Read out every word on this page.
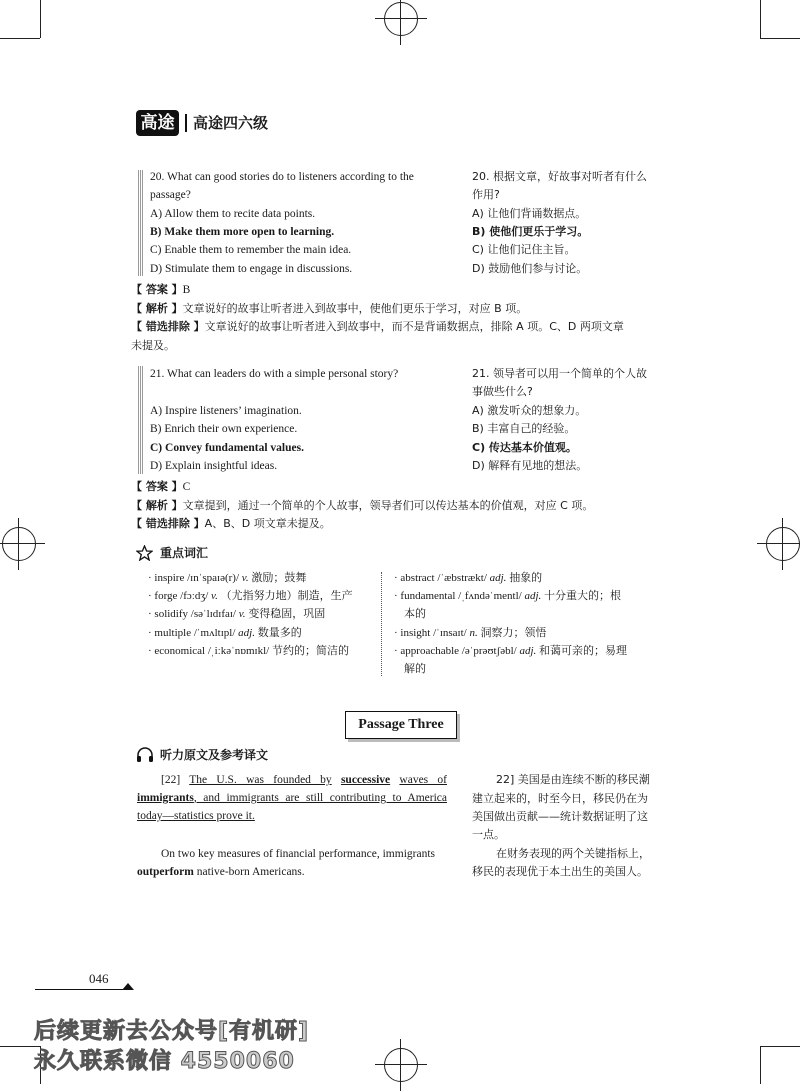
高途	高途四六级
20. What can good stories do to listeners according to the
passage?
A) Allow them to recite data points.
B) Make them more open to learning.
C) Enable them to remember the main idea.
D) Stimulate them to engage in discussions.
20. 根据文章，好故事对听者有什么
作用?
A) 让他们背诵数据点。
B) 使他们更乐于学习。
C) 让他们记住主旨。
D) 鼓励他们参与讨论。
【 答案 】B
【 解析 】文章说好的故事让听者进入到故事中，使他们更乐于学习，对应 B 项。
【 错选排除 】文章说好的故事让听者进入到故事中，而不是背诵数据点，排除 A 项。C、D 两项文章
未提及。
21. What can leaders do with a simple personal story?
A) Inspire listeners’ imagination.
B) Enrich their own experience.
C) Convey fundamental values.
D) Explain insightful ideas.
21. 领导者可以用一个简单的个人故
事做些什么?
A) 激发听众的想象力。
B) 丰富自己的经验。
C) 传达基本价值观。
D) 解释有见地的想法。
【 答案 】C
【 解析 】文章提到，通过一个简单的个人故事，领导者们可以传达基本的价值观，对应 C 项。
【 错选排除 】A、B、D 项文章未提及。
重点词汇
· inspire /ɪnˈspaɪə(r)/ v. 激励；鼓舞
· forge /fɔːdʒ/ v. （尤指努力地）制造，生产
· solidify /səˈlɪdɪfaɪ/ v. 变得稳固，巩固
· multiple /ˈmʌltɪpl/ adj. 数量多的
· economical /ˌiːkəˈnɒmɪkl/ 节约的；简洁的
· abstract /ˈæbstrækt/ adj. 抽象的
· fundamental /ˌfʌndəˈmentl/ adj. 十分重大的；根
本的
· insight /ˈɪnsaɪt/ n. 洞察力；领悟
· approachable /əˈprəʊtʃəbl/ adj. 和蔼可亲的；易理
解的
Passage Three
听力原文及参考译文
[22] The U.S. was founded by successive waves of immigrants, and immigrants are still contributing to America today—statistics prove it.
22] 美国是由连续不断的移民潮
建立起来的，时至今日，移民仍在为
美国做出贡献——统计数据证明了这
一点。
On two key measures of financial performance, immigrants outperform native-born Americans.
在财务表现的两个关键指标上，
移民的表现优于本土出生的美国人。
046
后续更新去公众号[有机研]
永久联系微信 4550060
